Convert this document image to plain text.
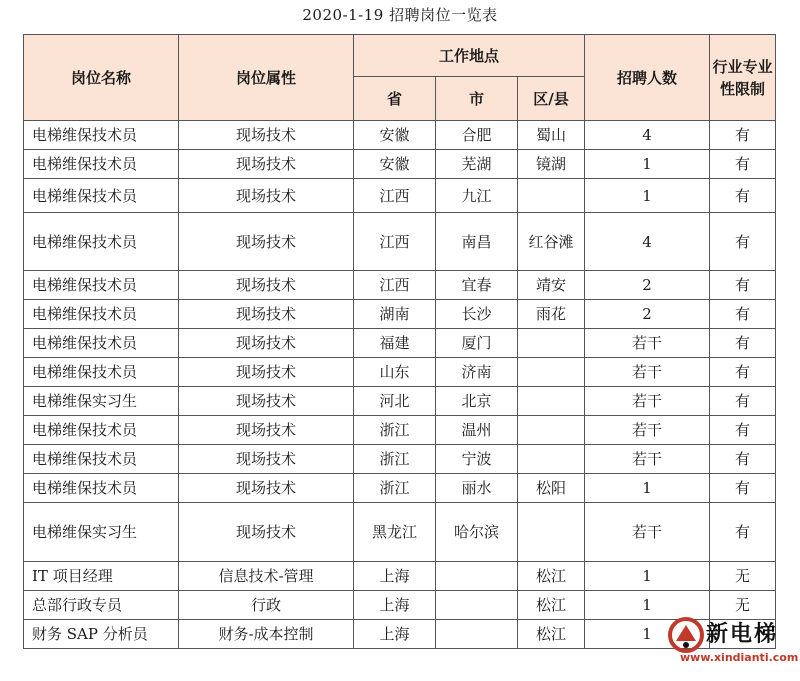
2020-1-19 招聘岗位一览表
岗位名称	岗位属性	工作地点			招聘人数	行业专业性限制
		省	市	区/县		
电梯维保技术员	现场技术	安徽	合肥	蜀山	4	有
电梯维保技术员	现场技术	安徽	芜湖	镜湖	1	有
电梯维保技术员	现场技术	江西	九江		1	有
电梯维保技术员	现场技术	江西	南昌	红谷滩	4	有
电梯维保技术员	现场技术	江西	宜春	靖安	2	有
电梯维保技术员	现场技术	湖南	长沙	雨花	2	有
电梯维保技术员	现场技术	福建	厦门		若干	有
电梯维保技术员	现场技术	山东	济南		若干	有
电梯维保实习生	现场技术	河北	北京		若干	有
电梯维保技术员	现场技术	浙江	温州		若干	有
电梯维保技术员	现场技术	浙江	宁波		若干	有
电梯维保技术员	现场技术	浙江	丽水	松阳	1	有
电梯维保实习生	现场技术	黑龙江	哈尔滨		若干	有
IT 项目经理	信息技术-管理	上海		松江	1	无
总部行政专员	行政	上海		松江	1	无
财务 SAP 分析员	财务-成本控制	上海		松江	1	新电梯
www.xindianti.com
